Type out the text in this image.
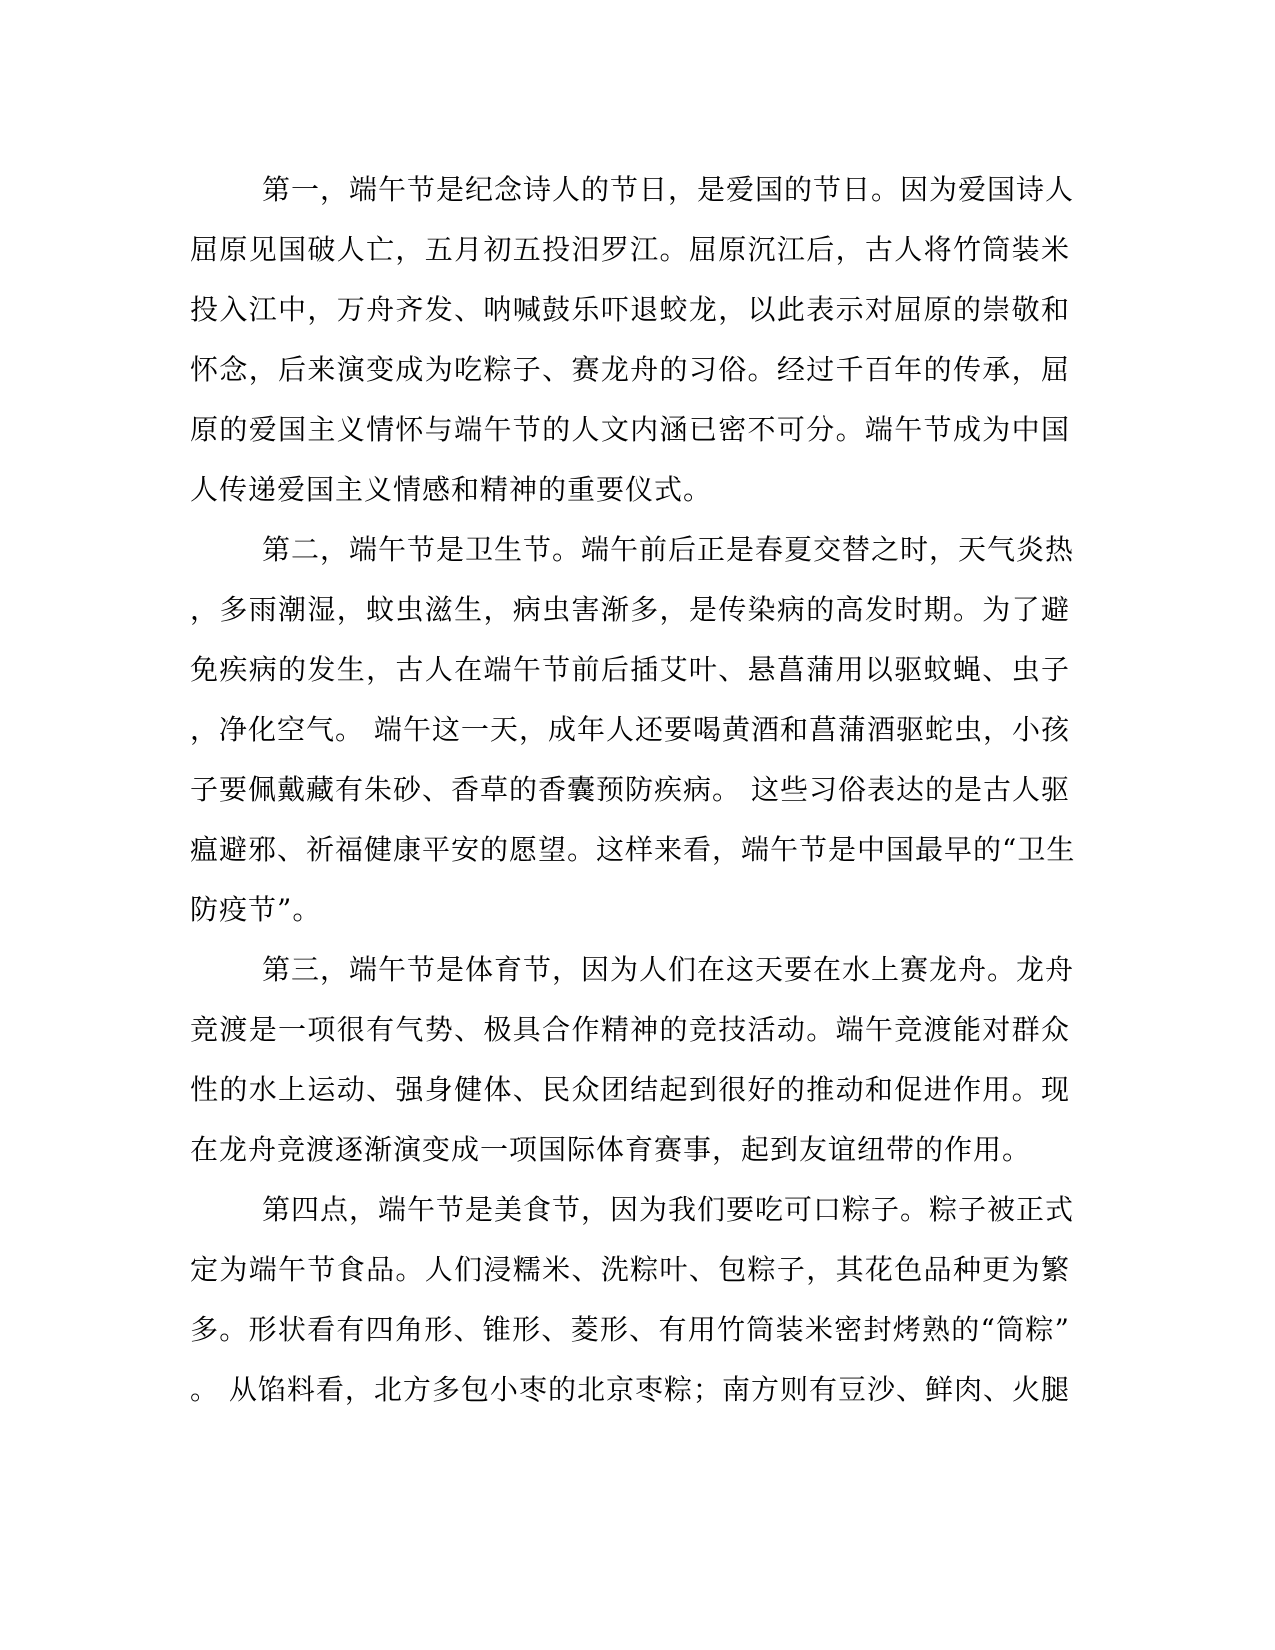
第一，端午节是纪念诗人的节日，是爱国的节日。因为爱国诗人
屈原见国破人亡，五月初五投汨罗江。屈原沉江后，古人将竹筒装米
投入江中，万舟齐发、呐喊鼓乐吓退蛟龙，以此表示对屈原的崇敬和
怀念，后来演变成为吃粽子、赛龙舟的习俗。经过千百年的传承，屈
原的爱国主义情怀与端午节的人文内涵已密不可分。端午节成为中国
人传递爱国主义情感和精神的重要仪式。
第二，端午节是卫生节。端午前后正是春夏交替之时，天气炎热
，多雨潮湿，蚊虫滋生，病虫害渐多，是传染病的高发时期。为了避
免疾病的发生，古人在端午节前后插艾叶、悬菖蒲用以驱蚊蝇、虫子
，净化空气。 端午这一天，成年人还要喝黄酒和菖蒲酒驱蛇虫，小孩
子要佩戴藏有朱砂、香草的香囊预防疾病。 这些习俗表达的是古人驱
瘟避邪、祈福健康平安的愿望。这样来看，端午节是中国最早的“卫生
防疫节”。
第三，端午节是体育节，因为人们在这天要在水上赛龙舟。龙舟
竞渡是一项很有气势、极具合作精神的竞技活动。端午竞渡能对群众
性的水上运动、强身健体、民众团结起到很好的推动和促进作用。现
在龙舟竞渡逐渐演变成一项国际体育赛事，起到友谊纽带的作用。
第四点，端午节是美食节，因为我们要吃可口粽子。粽子被正式
定为端午节食品。人们浸糯米、洗粽叶、包粽子，其花色品种更为繁
多。形状看有四角形、锥形、菱形、有用竹筒装米密封烤熟的“筒粽”
。 从馅料看，北方多包小枣的北京枣粽；南方则有豆沙、鲜肉、火腿
